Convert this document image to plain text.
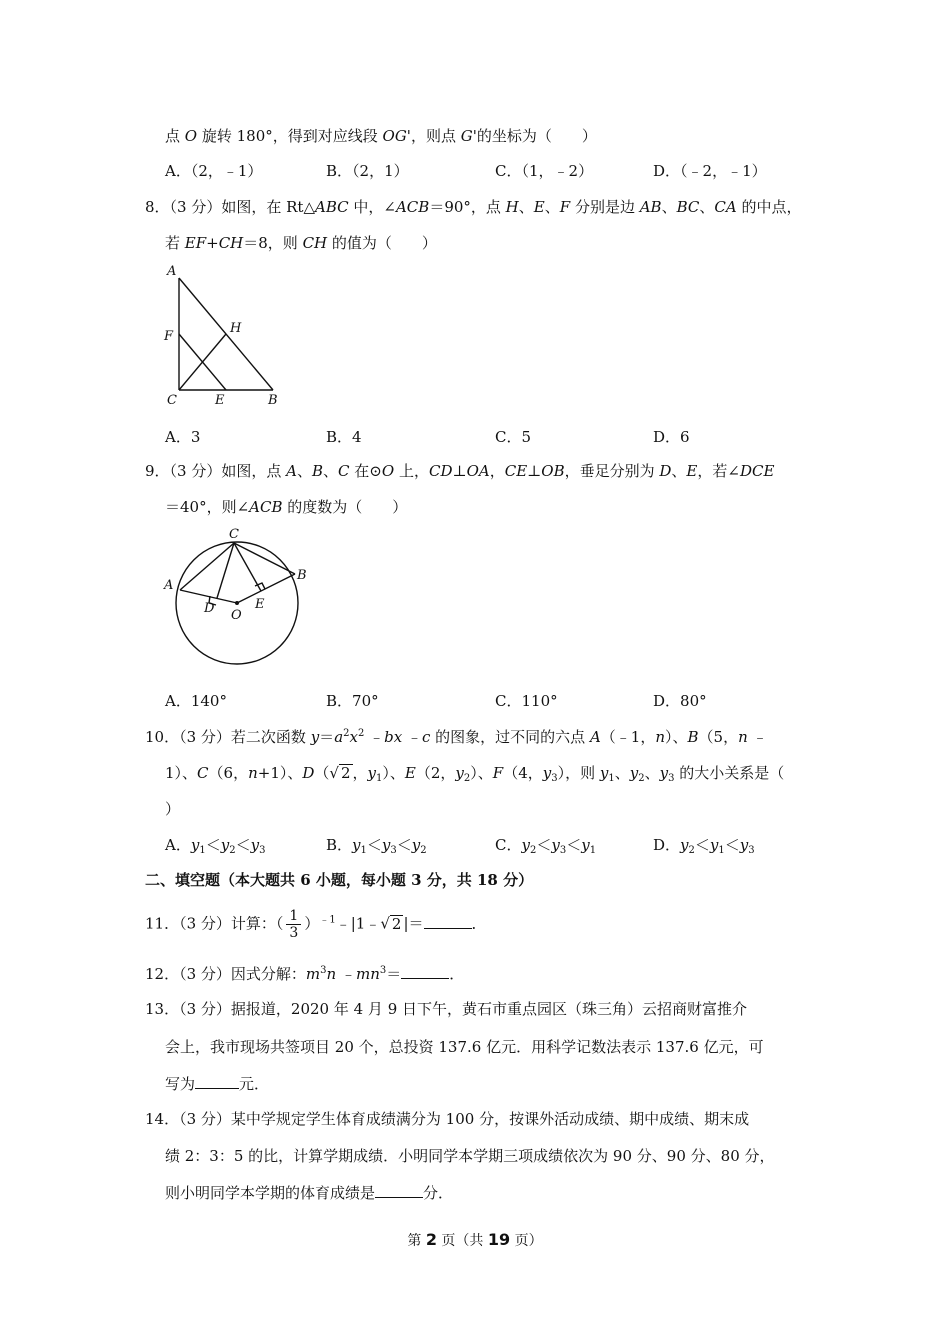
点 O 旋转 180°，得到对应线段 OG'，则点 G'的坐标为（　　）
A．（2，﹣1）	B．（2，1）	C．（1，﹣2）	D．（﹣2，﹣1）
8．（3 分）如图，在 Rt△ABC 中，∠ACB＝90°，点 H、E、F 分别是边 AB、BC、CA 的中点，
若 EF+CH＝8，则 CH 的值为（　　）
A
F
H
C	E	B
A．3	B．4	C．5	D．6
9．（3 分）如图，点 A、B、C 在⊙O 上，CD⊥OA，CE⊥OB，垂足分别为 D、E，若∠DCE
＝40°，则∠ACB 的度数为（　　）
C
A
B
D	E
O
A．140°	B．70°	C．110°	D．80°
10．（3 分）若二次函数 $y=a^2x^2$ ﹣bx ﹣c 的图象，过不同的六点 A（﹣1，n）、B（5，n ﹣
1）、C（6，n+1）、D（√ 2 ，$y_1$）、E（2，$y_2$）、F（4，$y_3$），则 $y_1$、$y_2$、$y_3$ 的大小关系是（
）
A．$y_1<y_2<y_3$	B．$y_1<y_3<y_2$	C．$y_2<y_3<y_1$	D．$y_2<y_1<y_3$
二、填空题（本大题共 6 小题，每小题 3 分，共 18 分）
11．（3 分）计算：（ $\frac{1}{3}$ ）$^{﹣1}$﹣|1﹣√ 2 |＝	．
12．（3 分）因式分解：$m^3n$ $﹣mn^3=$	．
13．（3 分）据报道，2020 年 4 月 9 日下午，黄石市重点园区（珠三角）云招商财富推介
会上，我市现场共签项目 20 个，总投资 137.6 亿元．用科学记数法表示 137.6 亿元，可
写为	元．
14．（3 分）某中学规定学生体育成绩满分为 100 分，按课外活动成绩、期中成绩、期末成
绩 2：3：5 的比，计算学期成绩．小明同学本学期三项成绩依次为 90 分、90 分、80 分，
则小明同学本学期的体育成绩是	分．
第 2 页（共 19 页）
